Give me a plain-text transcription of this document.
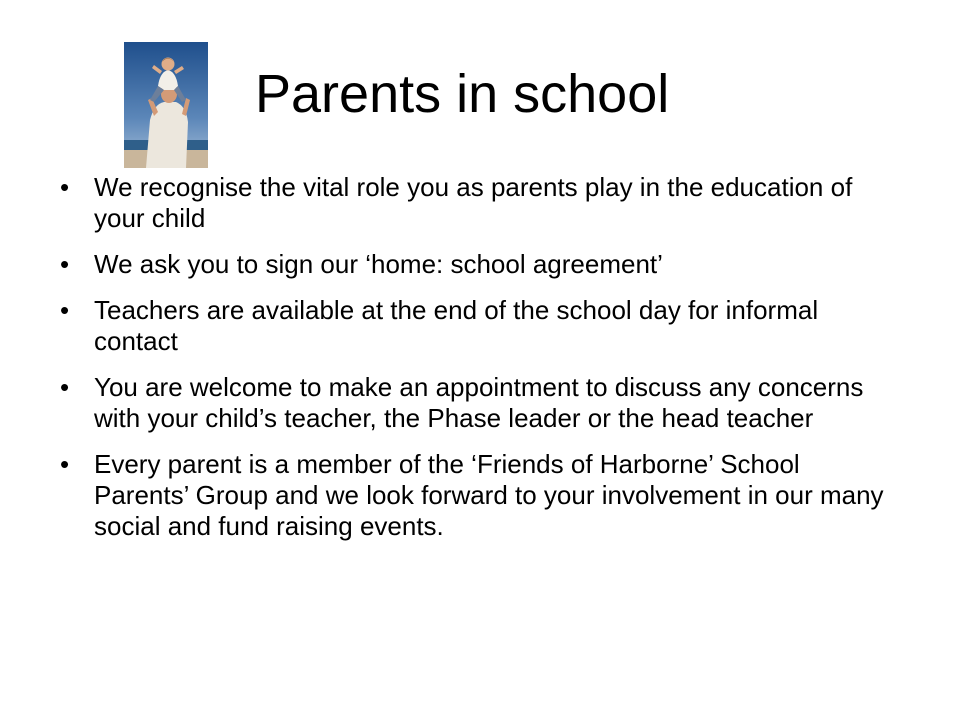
Parents in school
• We recognise the vital role you as parents play in the education of your child
• We ask you to sign our ‘home: school agreement’
• Teachers are available at the end of the school day for informal contact
• You are welcome to make an appointment to discuss any concerns with your child’s teacher, the Phase leader or the head teacher
• Every parent is a member of the ‘Friends of Harborne’ School Parents’ Group and we look forward to your involvement in our many social and fund raising events.
